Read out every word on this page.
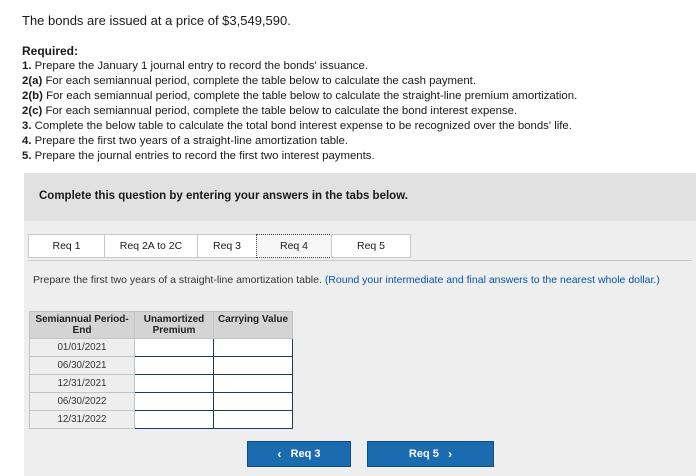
The bonds are issued at a price of $3,549,590.
Required:
1. Prepare the January 1 journal entry to record the bonds' issuance.
2(a) For each semiannual period, complete the table below to calculate the cash payment.
2(b) For each semiannual period, complete the table below to calculate the straight-line premium amortization.
2(c) For each semiannual period, complete the table below to calculate the bond interest expense.
3. Complete the below table to calculate the total bond interest expense to be recognized over the bonds' life.
4. Prepare the first two years of a straight-line amortization table.
5. Prepare the journal entries to record the first two interest payments.
Complete this question by entering your answers in the tabs below.
Req 1	Req 2A to 2C	Req 3	Req 4	Req 5
Prepare the first two years of a straight-line amortization table. (Round your intermediate and final answers to the nearest whole dollar.)
Semiannual Period-End	Unamortized Premium	Carrying Value
01/01/2021		
06/30/2021		
12/31/2021		
06/30/2022		
12/31/2022		
‹
Req 3	Req 5
›
